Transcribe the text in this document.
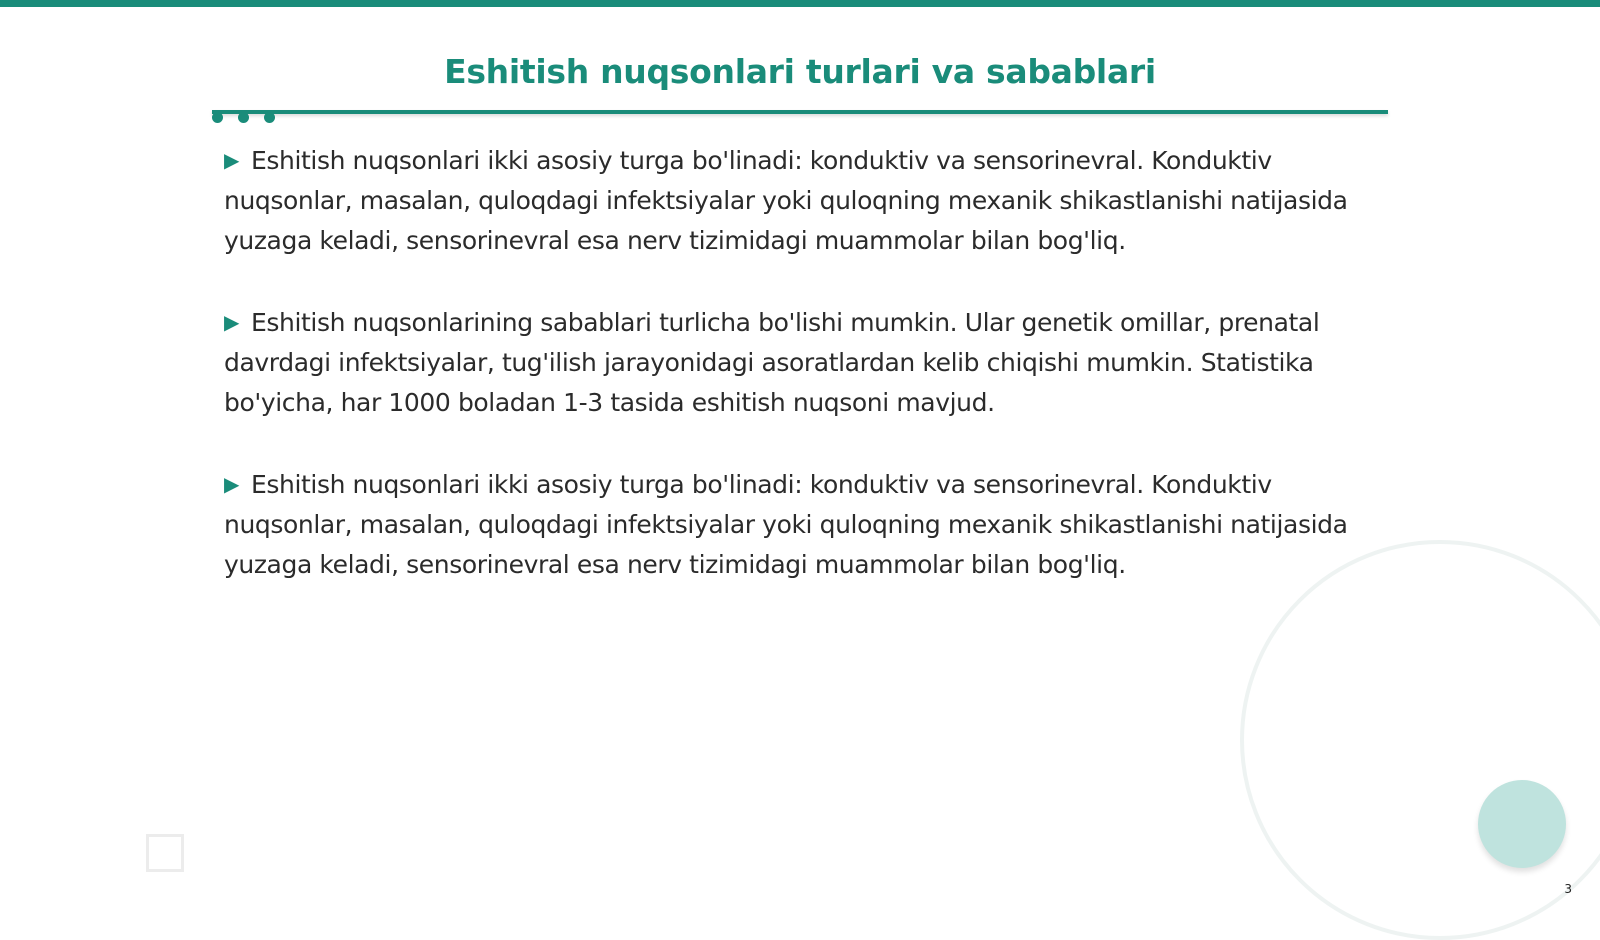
Eshitish nuqsonlari turlari va sabablari

▶ Eshitish nuqsonlari ikki asosiy turga bo'linadi: konduktiv va sensorinevral. Konduktiv nuqsonlar, masalan, quloqdagi infektsiyalar yoki quloqning mexanik shikastlanishi natijasida yuzaga keladi, sensorinevral esa nerv tizimidagi muammolar bilan bog'liq.

▶ Eshitish nuqsonlarining sabablari turlicha bo'lishi mumkin. Ular genetik omillar, prenatal davrdagi infektsiyalar, tug'ilish jarayonidagi asoratlardan kelib chiqishi mumkin. Statistika bo'yicha, har 1000 boladan 1-3 tasida eshitish nuqsoni mavjud.

▶ Eshitish nuqsonlari ikki asosiy turga bo'linadi: konduktiv va sensorinevral. Konduktiv nuqsonlar, masalan, quloqdagi infektsiyalar yoki quloqning mexanik shikastlanishi natijasida yuzaga keladi, sensorinevral esa nerv tizimidagi muammolar bilan bog'liq.

3
